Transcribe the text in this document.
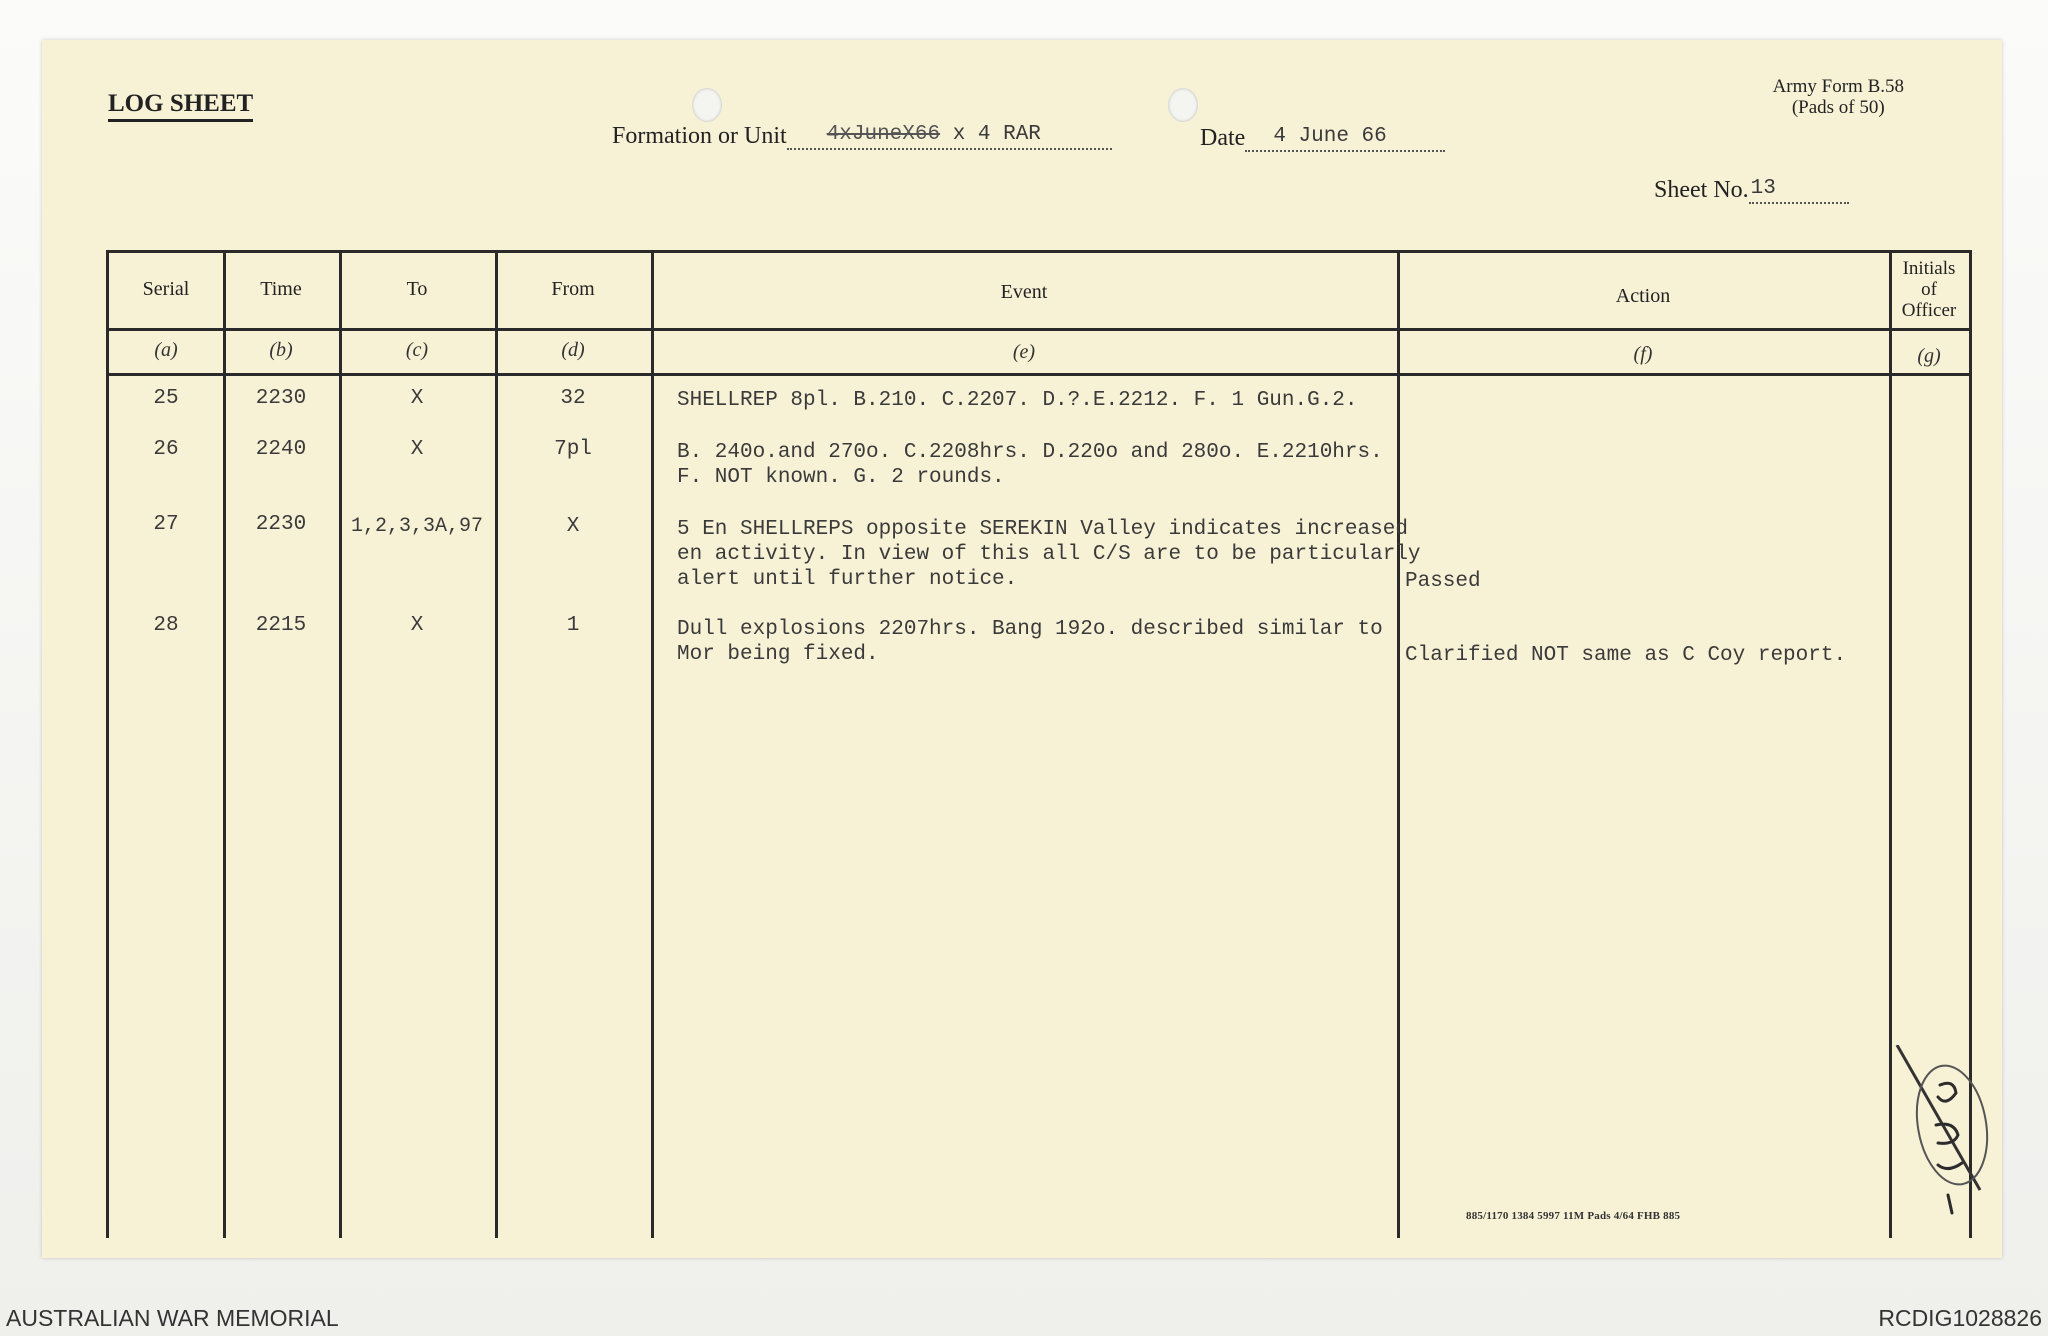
LOG SHEET
Army Form B.58
(Pads of 50)
Formation or Unit 4xJuneX66 x 4 RAR	Date 4 June 66
Sheet No. 13
Serial	Time	To	From	Event	Action
Initials
of
Officer
(a)	(b)	(c)	(d)	(e)	(f)	(g)
25	2230	X	32	SHELLREP 8pl. B.210. C.2207. D.?.E.2212. F. 1 Gun.G.2.
26	2240	X	7pl	B. 240o.and 270o. C.2208hrs. D.220o and 280o. E.2210hrs.
F. NOT known. G. 2 rounds.
27	2230	1,2,3,3A,97	X	5 En SHELLREPS opposite SEREKIN Valley indicates increased
en activity. In view of this all C/S are to be particularly
alert until further notice.	Passed
28	2215	X	1	Dull explosions 2207hrs. Bang 192o. described similar to
Mor being fixed.	Clarified NOT same as C Coy report.
885/1170 1384 5997 11M Pads 4/64 FHB 885
AUSTRALIAN WAR MEMORIAL	RCDIG1028826
